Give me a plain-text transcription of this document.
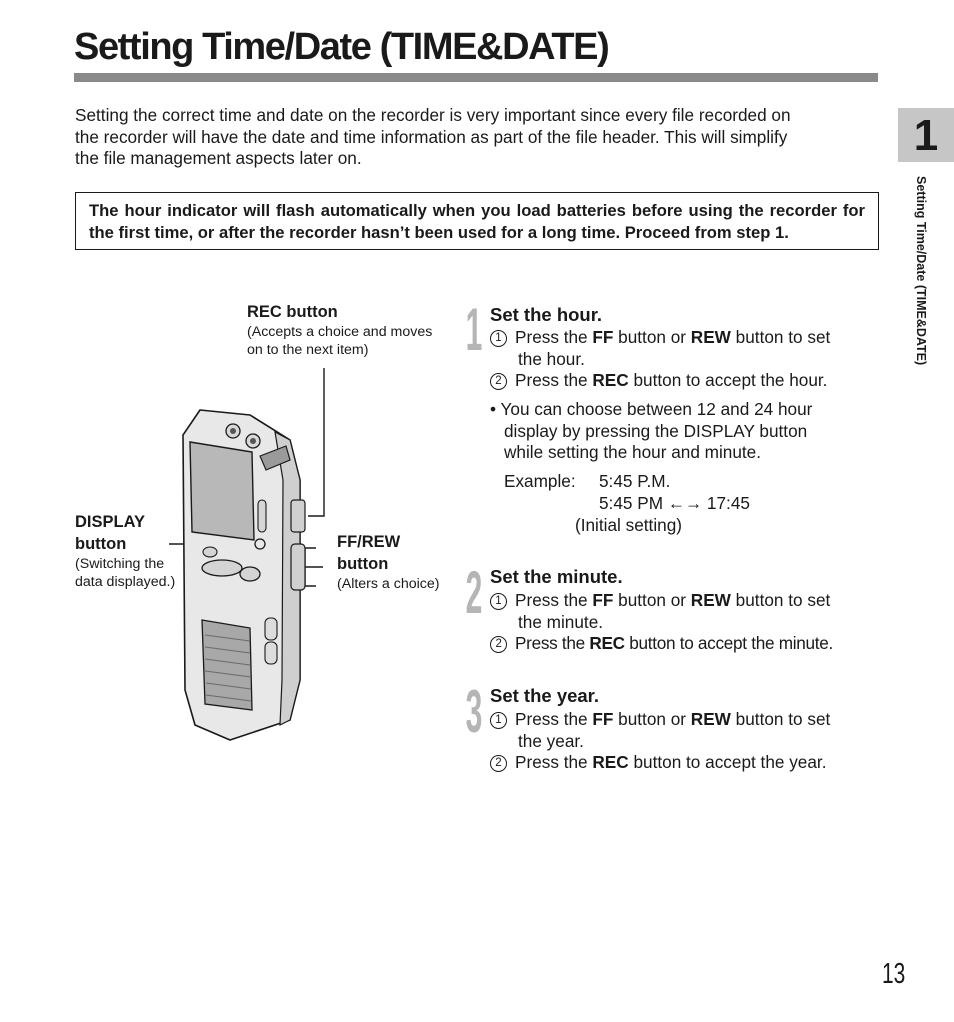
Setting Time/Date (TIME&DATE)

Setting the correct time and date on the recorder is very important since every file recorded on
the recorder will have the date and time information as part of the file header. This will simplify
the file management aspects later on.

The hour indicator will flash automatically when you load batteries before using the recorder for the first time, or after the recorder hasn’t been used for a long time. Proceed from step 1.
1
Setting Time/Date (TIME&DATE)
REC button
(Accepts a choice and moves
on to the next item)
DISPLAY
button
(Switching the
data displayed.)
FF/REW
button
(Alters a choice)
1 Set the hour.
1 Press the FF button or REW button to set
the hour.
2 Press the REC button to accept the hour.
• You can choose between 12 and 24 hour
display by pressing the DISPLAY button
while setting the hour and minute.
Example: 5:45 P.M.
5:45 PM ←→ 17:45
(Initial setting)
2 Set the minute.
1 Press the FF button or REW button to set
the minute.
2 Press the REC button to accept the minute.
3 Set the year.
1 Press the FF button or REW button to set
the year.
2 Press the REC button to accept the year.
13
